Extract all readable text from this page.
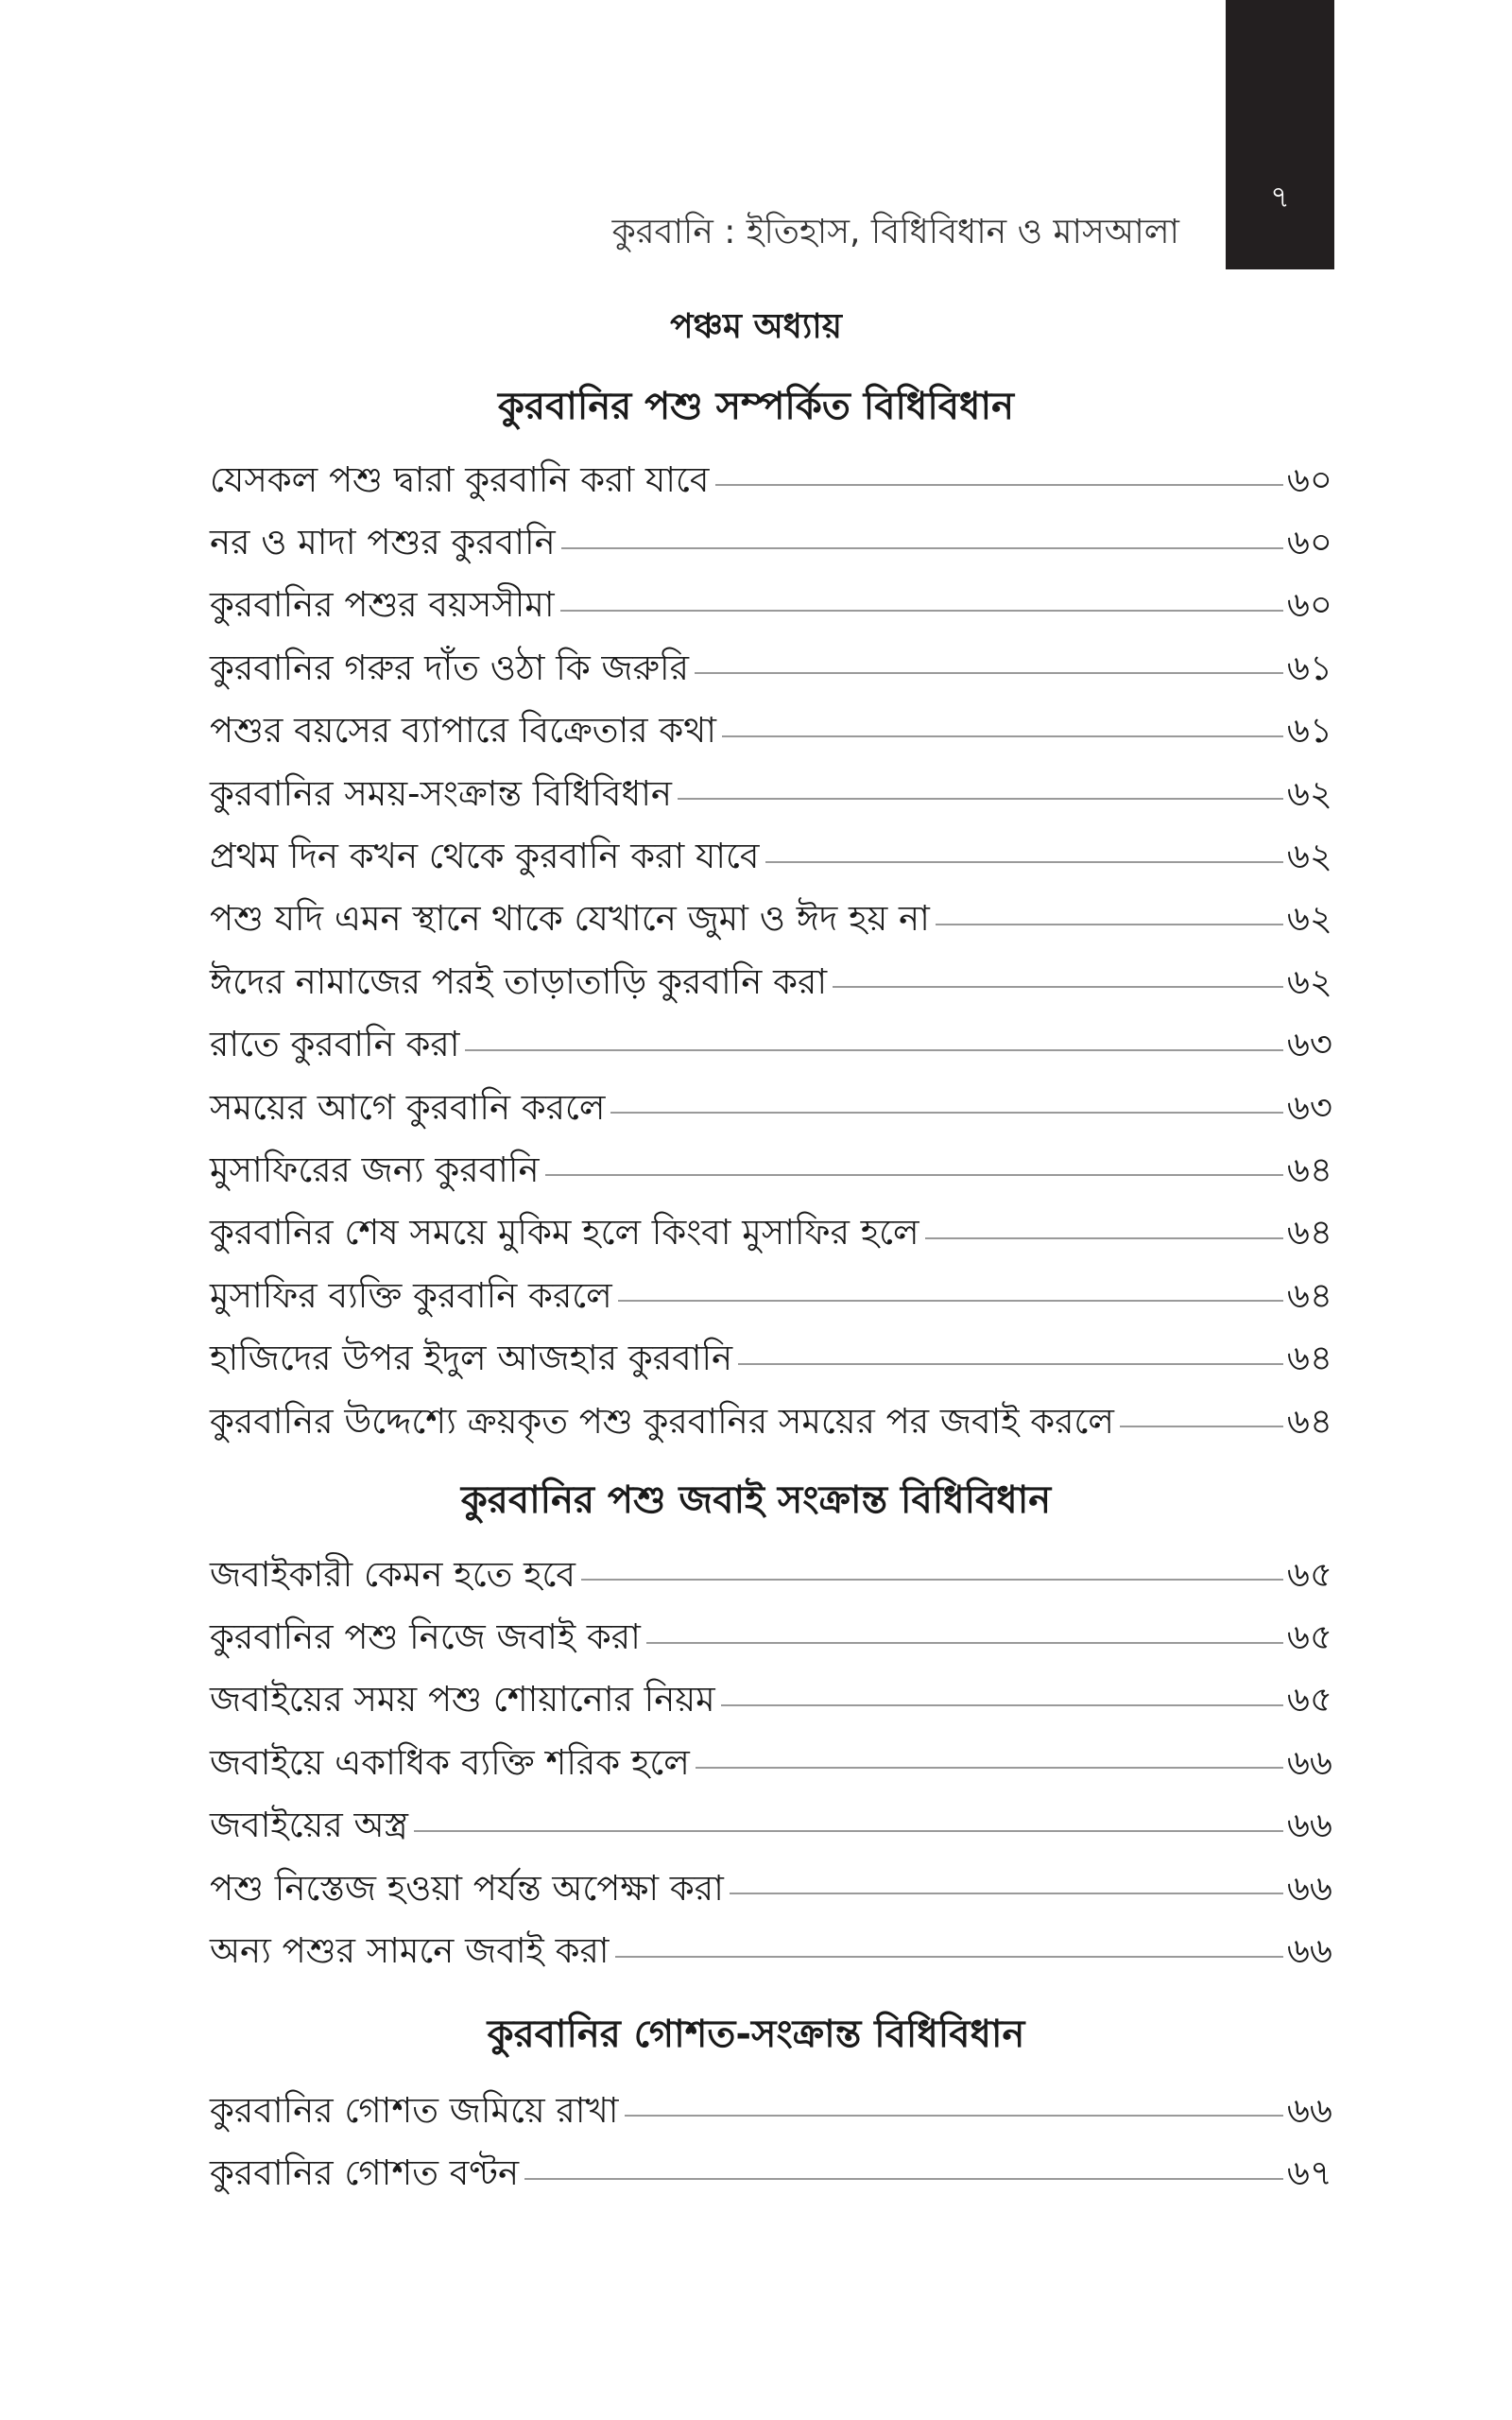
৭
কুরবানি : ইতিহাস, বিধিবিধান ও মাসআলা
পঞ্চম অধ্যায়
কুরবানির পশু সম্পর্কিত বিধিবিধান
যেসকল পশু দ্বারা কুরবানি করা যাবে	৬০
নর ও মাদা পশুর কুরবানি	৬০
কুরবানির পশুর বয়সসীমা	৬০
কুরবানির গরুর দাঁত ওঠা কি জরুরি	৬১
পশুর বয়সের ব্যাপারে বিক্রেতার কথা	৬১
কুরবানির সময়-সংক্রান্ত বিধিবিধান	৬২
প্রথম দিন কখন থেকে কুরবানি করা যাবে	৬২
পশু যদি এমন স্থানে থাকে যেখানে জুমা ও ঈদ হয় না	৬২
ঈদের নামাজের পরই তাড়াতাড়ি কুরবানি করা	৬২
রাতে কুরবানি করা	৬৩
সময়ের আগে কুরবানি করলে	৬৩
মুসাফিরের জন্য কুরবানি	৬৪
কুরবানির শেষ সময়ে মুকিম হলে কিংবা মুসাফির হলে	৬৪
মুসাফির ব্যক্তি কুরবানি করলে	৬৪
হাজিদের উপর ইদুল আজহার কুরবানি	৬৪
কুরবানির উদ্দেশ্যে ক্রয়কৃত পশু কুরবানির সময়ের পর জবাই করলে	৬৪
কুরবানির পশু জবাই সংক্রান্ত বিধিবিধান
জবাইকারী কেমন হতে হবে	৬৫
কুরবানির পশু নিজে জবাই করা	৬৫
জবাইয়ের সময় পশু শোয়ানোর নিয়ম	৬৫
জবাইয়ে একাধিক ব্যক্তি শরিক হলে	৬৬
জবাইয়ের অস্ত্র	৬৬
পশু নিস্তেজ হওয়া পর্যন্ত অপেক্ষা করা	৬৬
অন্য পশুর সামনে জবাই করা	৬৬
কুরবানির গোশত-সংক্রান্ত বিধিবিধান
কুরবানির গোশত জমিয়ে রাখা	৬৬
কুরবানির গোশত বণ্টন	৬৭
